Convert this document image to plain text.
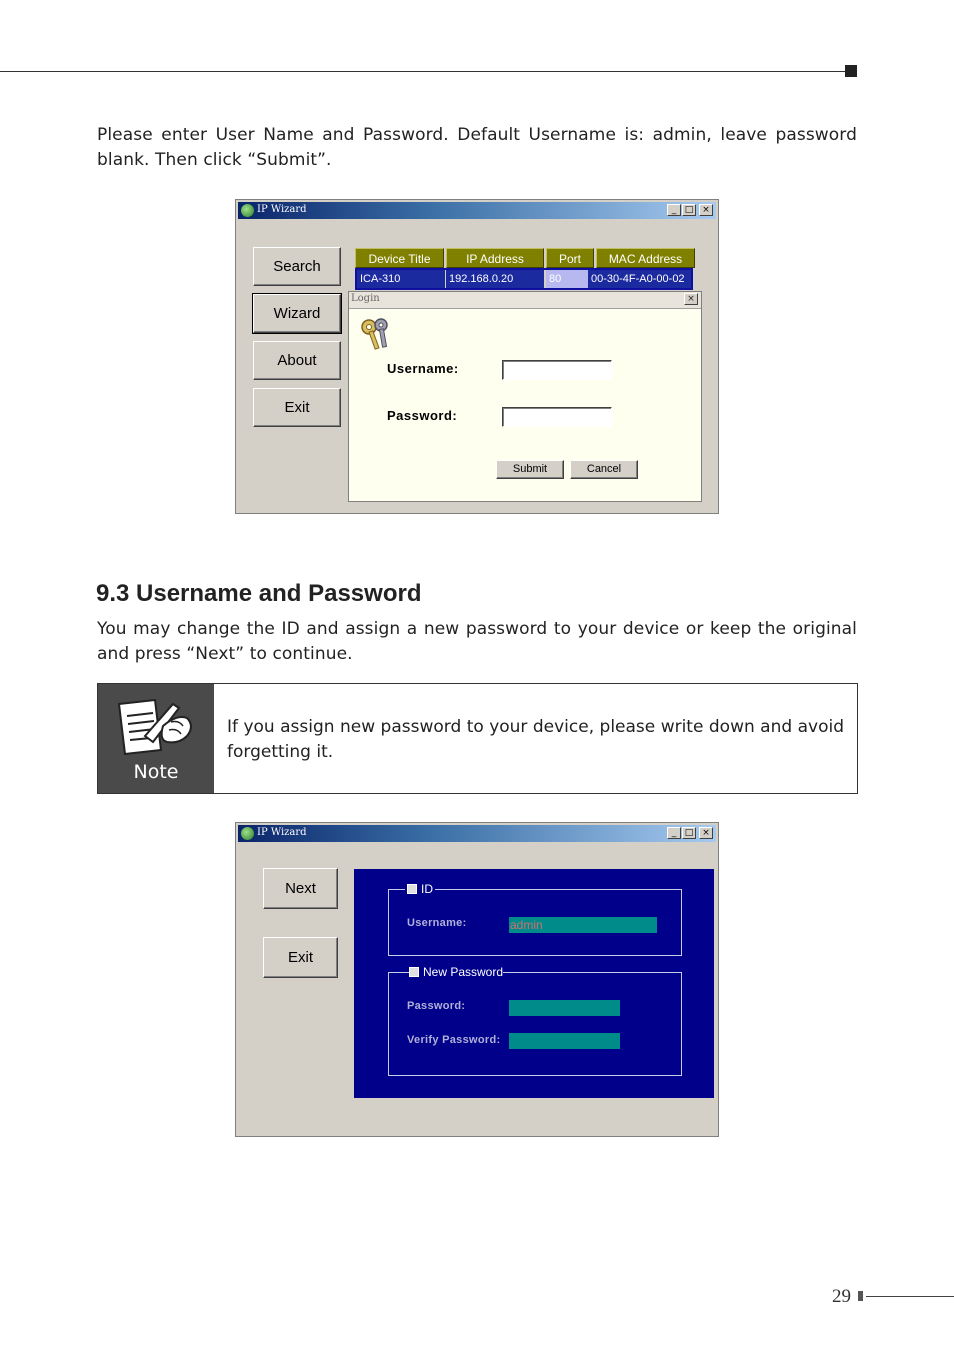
Please enter User Name and Password. Default Username is: admin, leave password blank. Then click “Submit”.
IP Wizard	_ □ ×
Search
Wizard
About
Exit
Device Title	IP Address	Port	MAC Address
ICA-310	192.168.0.20	80	00-30-4F-A0-00-02
Login	×
Username:
Password:
Submit	Cancel
9.3 Username and Password
You may change the ID and assign a new password to your device or keep the original and press “Next” to continue.
Note
If you assign new password to your device, please write down and avoid forgetting it.
IP Wizard	_ □ ×
Next
Exit
ID
Username:	admin
New Password
Password:
Verify Password:
29
